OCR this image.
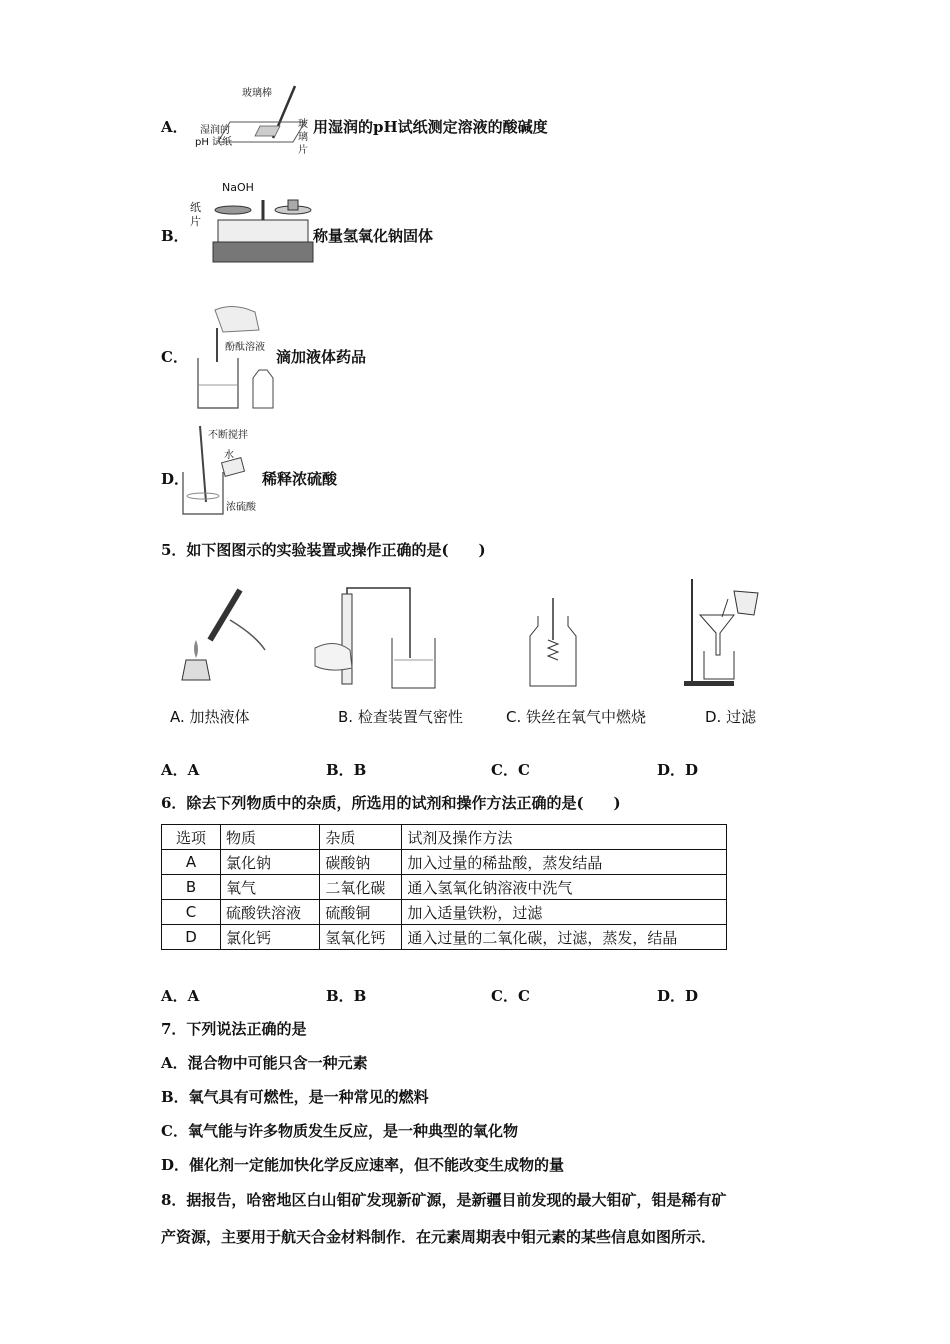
A．
玻璃棒
湿润的
pH 试纸
玻
璃
片
用湿润的pH试纸测定溶液的酸碱度
B．
NaOH
纸
片
称量氢氧化钠固体
C．
酚酞溶液
滴加液体药品
D．
不断搅拌
水
浓硫酸
稀释浓硫酸
5．如下图图示的实验装置或操作正确的是(　　)
A. 加热液体	B. 检查装置气密性	C. 铁丝在氧气中燃烧	D. 过滤
A．A	B．B	C．C	D．D
6．除去下列物质中的杂质，所选用的试剂和操作方法正确的是(　　)
选项	物质	杂质	试剂及操作方法
A	氯化钠	碳酸钠	加入过量的稀盐酸，蒸发结晶
B	氧气	二氧化碳	通入氢氧化钠溶液中洗气
C	硫酸铁溶液	硫酸铜	加入适量铁粉，过滤
D	氯化钙	氢氧化钙	通入过量的二氧化碳，过滤，蒸发，结晶
A．A	B．B	C．C	D．D
7．下列说法正确的是
A．混合物中可能只含一种元素
B．氧气具有可燃性，是一种常见的燃料
C．氧气能与许多物质发生反应，是一种典型的氧化物
D．催化剂一定能加快化学反应速率，但不能改变生成物的量
8．据报告，哈密地区白山钼矿发现新矿源，是新疆目前发现的最大钼矿，钼是稀有矿
产资源，主要用于航天合金材料制作．在元素周期表中钼元素的某些信息如图所示．
